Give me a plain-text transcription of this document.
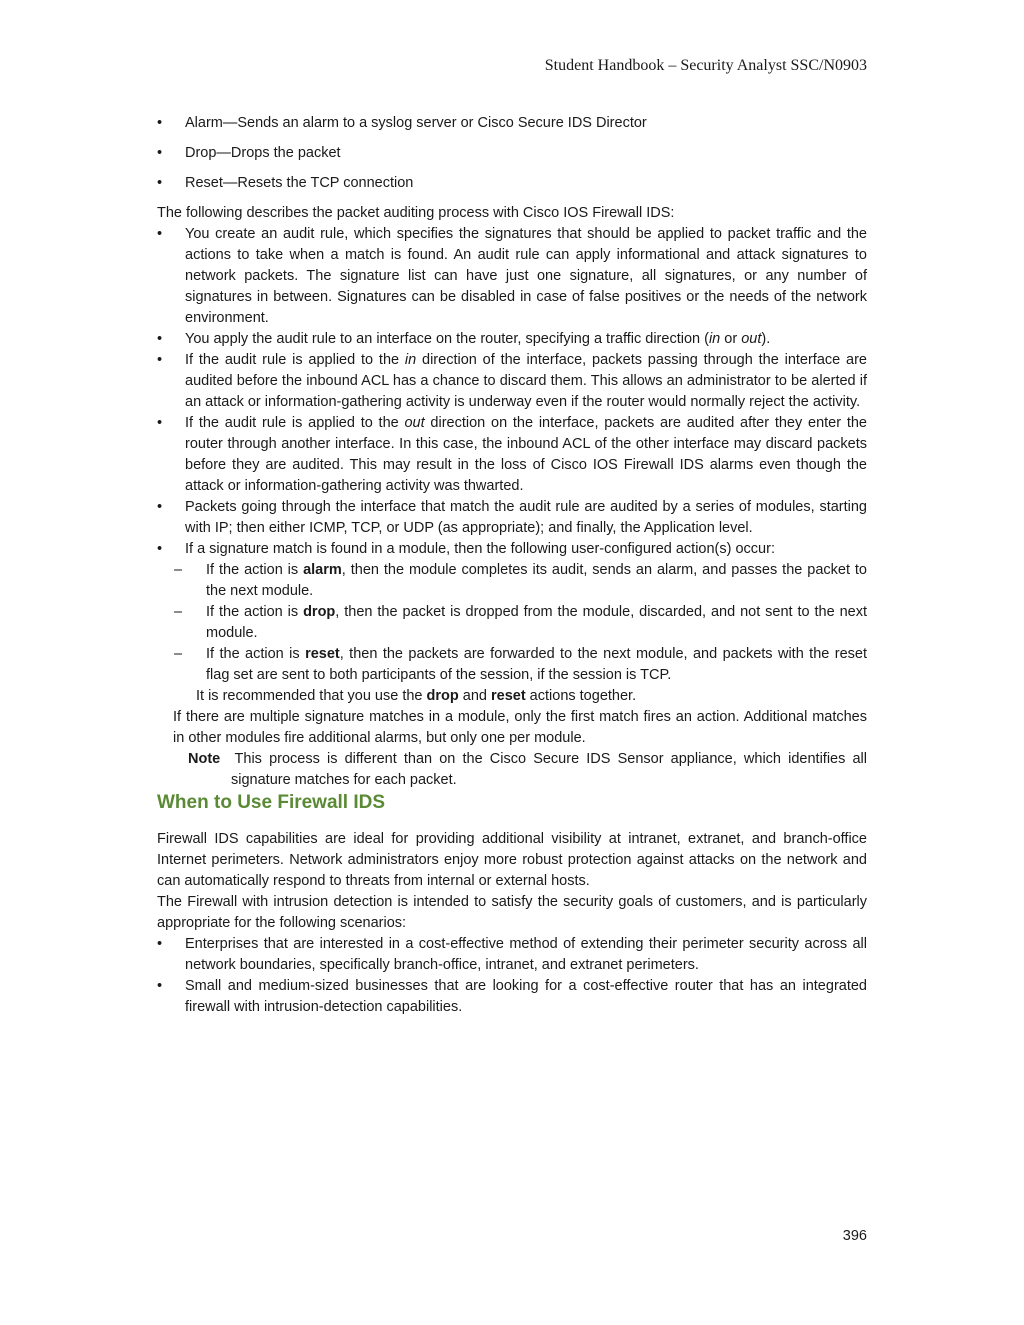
Student Handbook – Security Analyst SSC/N0903

• Alarm—Sends an alarm to a syslog server or Cisco Secure IDS Director

• Drop—Drops the packet

• Reset—Resets the TCP connection

The following describes the packet auditing process with Cisco IOS Firewall IDS:

• You create an audit rule, which specifies the signatures that should be applied to packet traffic and the actions to take when a match is found. An audit rule can apply informational and attack signatures to network packets. The signature list can have just one signature, all signatures, or any number of signatures in between. Signatures can be disabled in case of false positives or the needs of the network environment.

• You apply the audit rule to an interface on the router, specifying a traffic direction (in or out).

• If the audit rule is applied to the in direction of the interface, packets passing through the interface are audited before the inbound ACL has a chance to discard them. This allows an administrator to be alerted if an attack or information-gathering activity is underway even if the router would normally reject the activity.

• If the audit rule is applied to the out direction on the interface, packets are audited after they enter the router through another interface. In this case, the inbound ACL of the other interface may discard packets before they are audited. This may result in the loss of Cisco IOS Firewall IDS alarms even though the attack or information-gathering activity was thwarted.

• Packets going through the interface that match the audit rule are audited by a series of modules, starting with IP; then either ICMP, TCP, or UDP (as appropriate); and finally, the Application level.

• If a signature match is found in a module, then the following user-configured action(s) occur:

– If the action is alarm, then the module completes its audit, sends an alarm, and passes the packet to the next module.

– If the action is drop, then the packet is dropped from the module, discarded, and not sent to the next module.

– If the action is reset, then the packets are forwarded to the next module, and packets with the reset flag set are sent to both participants of the session, if the session is TCP.

It is recommended that you use the drop and reset actions together.

If there are multiple signature matches in a module, only the first match fires an action. Additional matches in other modules fire additional alarms, but only one per module.

Note This process is different than on the Cisco Secure IDS Sensor appliance, which identifies all signature matches for each packet.

When to Use Firewall IDS

Firewall IDS capabilities are ideal for providing additional visibility at intranet, extranet, and branch-office Internet perimeters. Network administrators enjoy more robust protection against attacks on the network and can automatically respond to threats from internal or external hosts.

The Firewall with intrusion detection is intended to satisfy the security goals of customers, and is particularly appropriate for the following scenarios:

• Enterprises that are interested in a cost-effective method of extending their perimeter security across all network boundaries, specifically branch-office, intranet, and extranet perimeters.

• Small and medium-sized businesses that are looking for a cost-effective router that has an integrated firewall with intrusion-detection capabilities.

396
